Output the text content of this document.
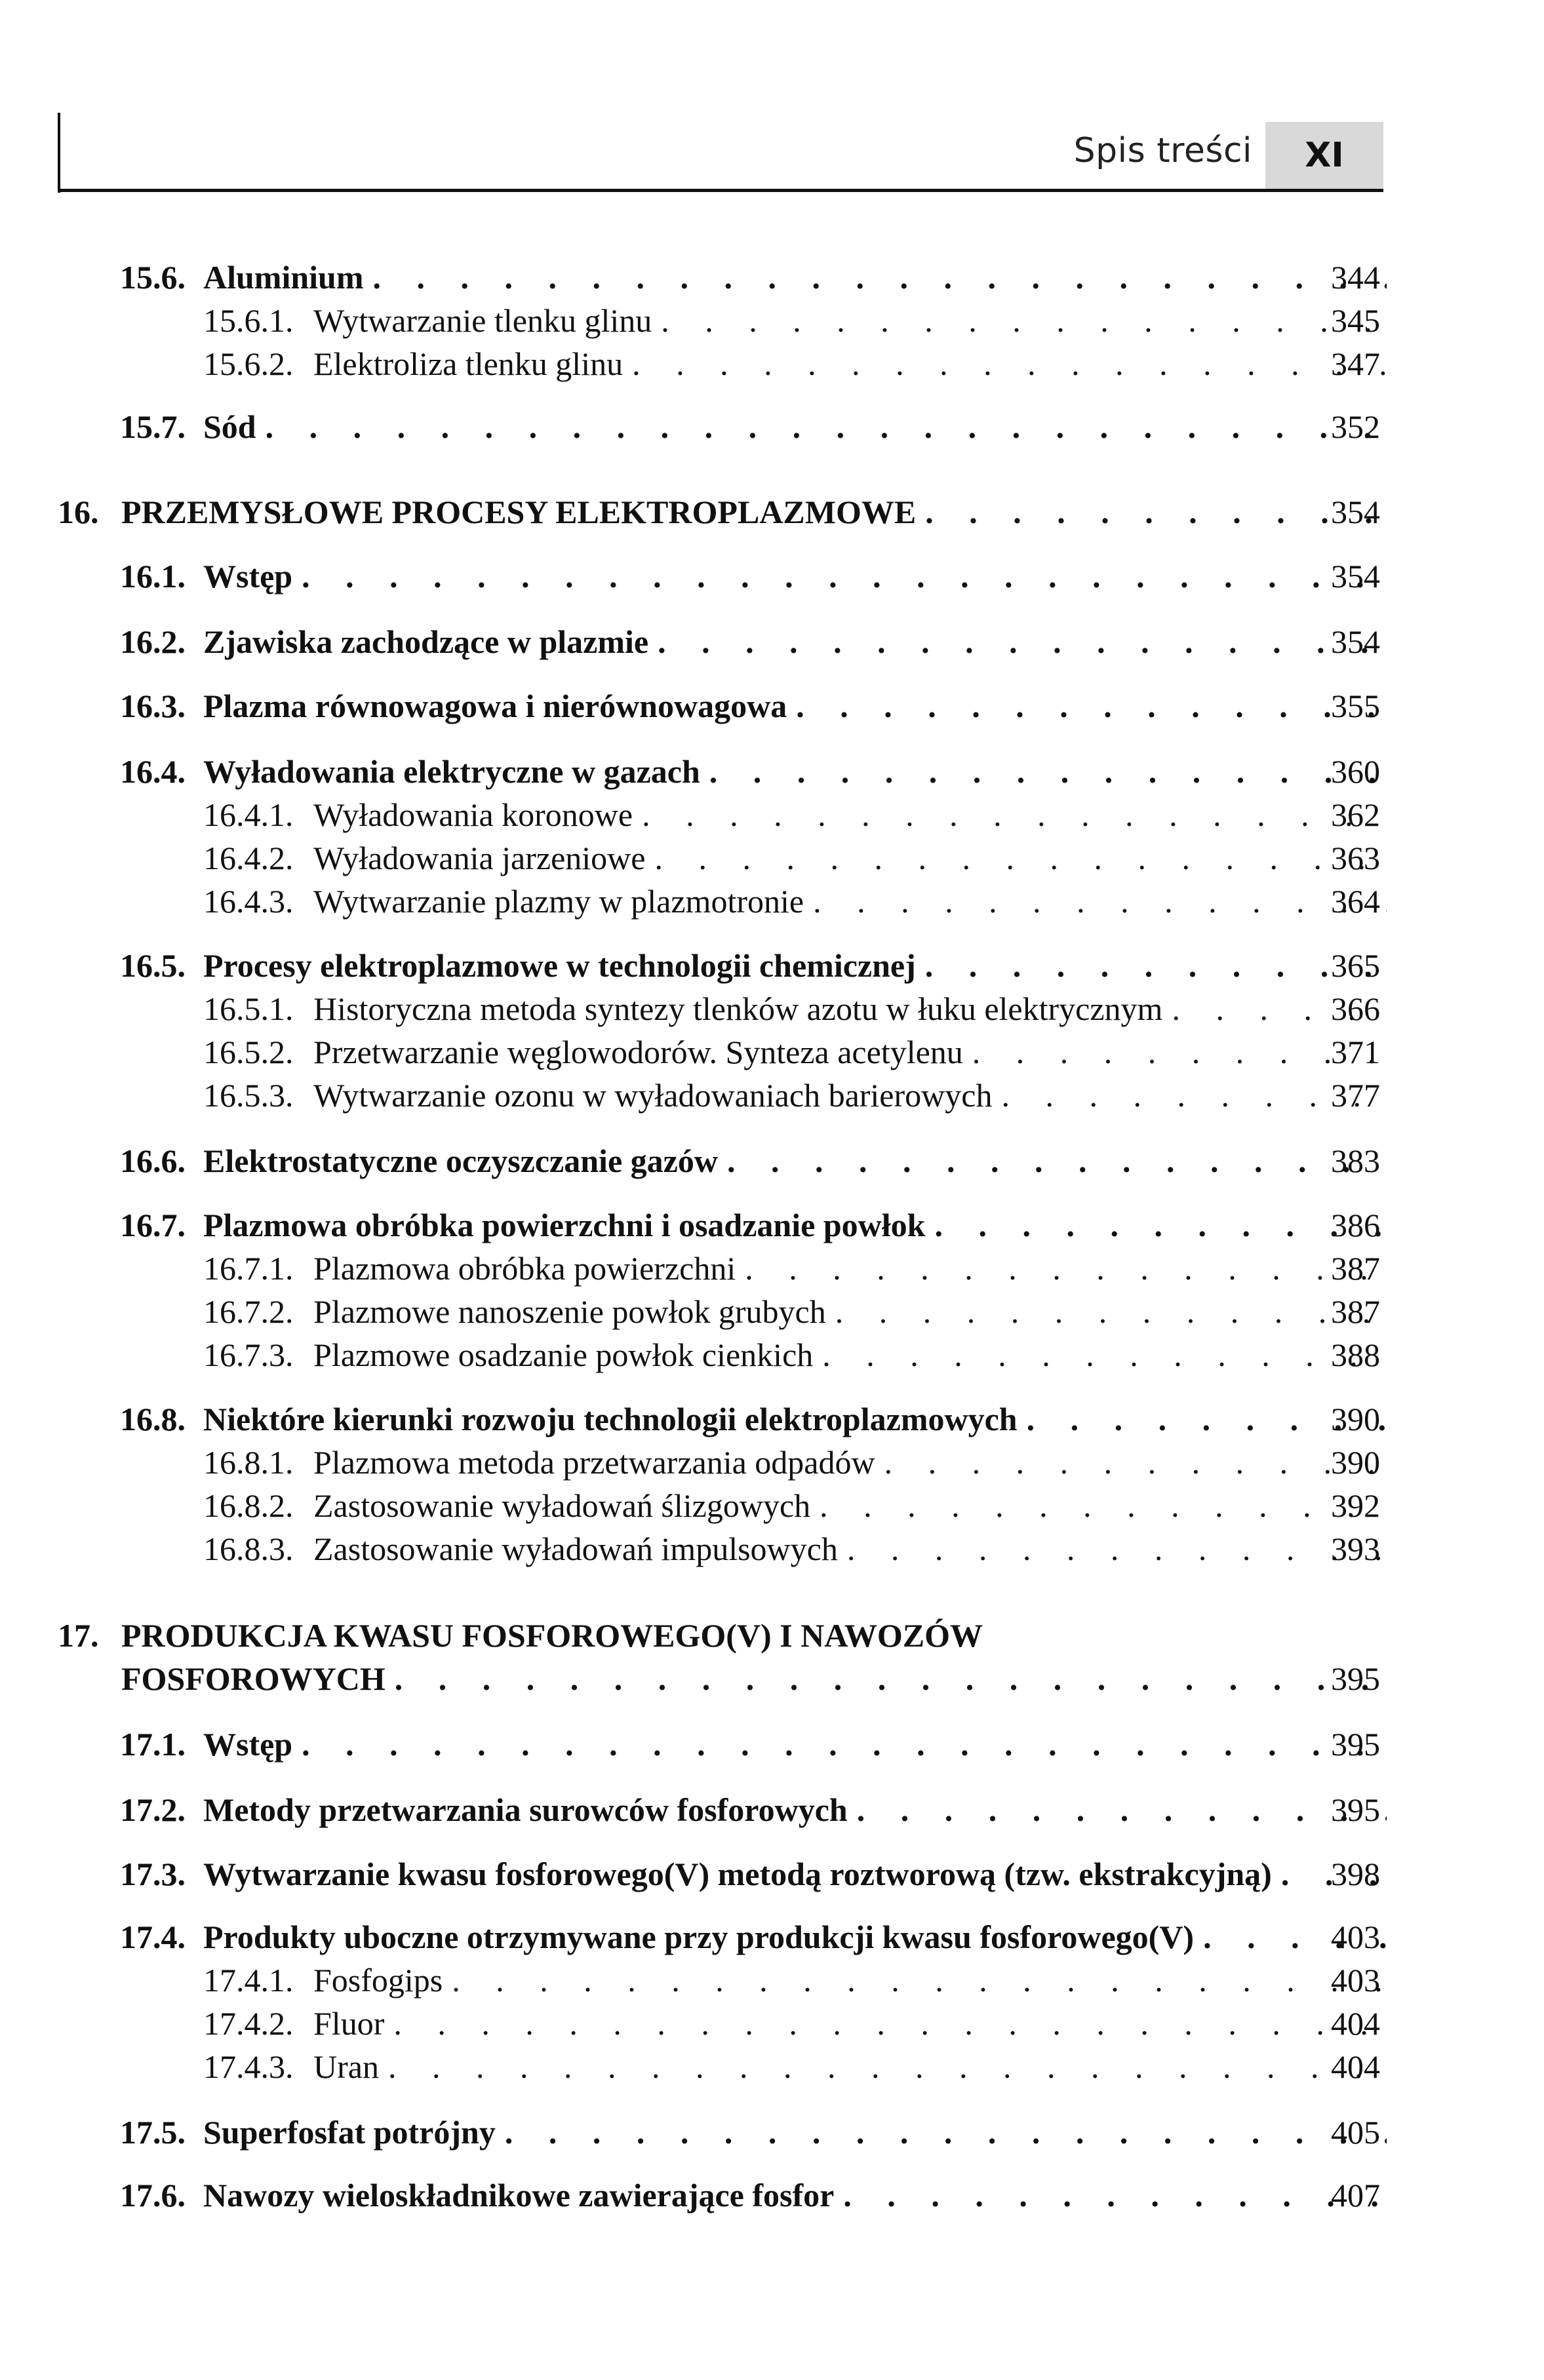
Spis treści XI
15.6. Aluminium . . .	344
15.6.1. Wytwarzanie tlenku glinu . . .	345
15.6.2. Elektroliza tlenku glinu . . .	347
15.7. Sód . . .	352
16. PRZEMYSŁOWE PROCESY ELEKTROPLAZMOWE . . .	354
16.1. Wstęp . . .	354
16.2. Zjawiska zachodzące w plazmie . . .	354
16.3. Plazma równowagowa i nierównowagowa . . .	355
16.4. Wyładowania elektryczne w gazach . . .	360
16.4.1. Wyładowania koronowe . . .	362
16.4.2. Wyładowania jarzeniowe . . .	363
16.4.3. Wytwarzanie plazmy w plazmotronie . . .	364
16.5. Procesy elektroplazmowe w technologii chemicznej . . .	365
16.5.1. Historyczna metoda syntezy tlenków azotu w łuku elektrycznym . . .	366
16.5.2. Przetwarzanie węglowodorów. Synteza acetylenu . . .	371
16.5.3. Wytwarzanie ozonu w wyładowaniach barierowych . . .	377
16.6. Elektrostatyczne oczyszczanie gazów . . .	383
16.7. Plazmowa obróbka powierzchni i osadzanie powłok . . .	386
16.7.1. Plazmowa obróbka powierzchni . . .	387
16.7.2. Plazmowe nanoszenie powłok grubych . . .	387
16.7.3. Plazmowe osadzanie powłok cienkich . . .	388
16.8. Niektóre kierunki rozwoju technologii elektroplazmowych . . .	390
16.8.1. Plazmowa metoda przetwarzania odpadów . . .	390
16.8.2. Zastosowanie wyładowań ślizgowych . . .	392
16.8.3. Zastosowanie wyładowań impulsowych . . .	393
17. PRODUKCJA KWASU FOSFOROWEGO(V) I NAWOZÓW
FOSFOROWYCH . . .	395
17.1. Wstęp . . .	395
17.2. Metody przetwarzania surowców fosforowych . . .	395
17.3. Wytwarzanie kwasu fosforowego(V) metodą roztworową (tzw. ekstrakcyjną) . . . 398
17.4. Produkty uboczne otrzymywane przy produkcji kwasu fosforowego(V) . . .	403
17.4.1. Fosfogips . . .	403
17.4.2. Fluor . . .	404
17.4.3. Uran . . .	404
17.5. Superfosfat potrójny . . .	405
17.6. Nawozy wieloskładnikowe zawierające fosfor . . .	407
